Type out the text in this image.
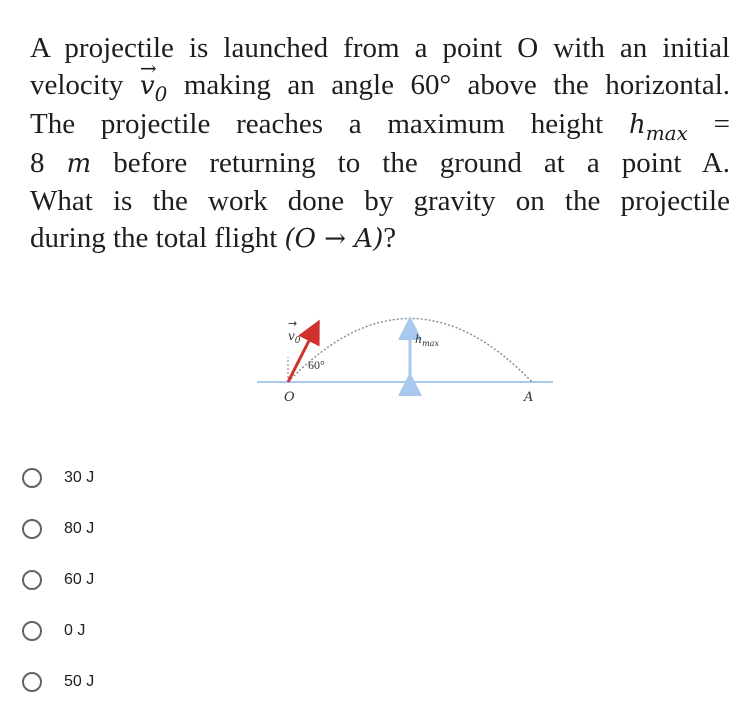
A projectile is launched from a point O with an initial
velocity → $v_0$ making an angle 60° above the horizontal.
The projectile reaches a maximum height $h_{max}$ =
8 m before returning to the ground at a point A.
What is the work done by gravity on the projectile
during the total flight (O → A)?
$v_0$
→
60°
$h_{max}$
O	A
30 J
80 J
60 J
0 J
50 J
